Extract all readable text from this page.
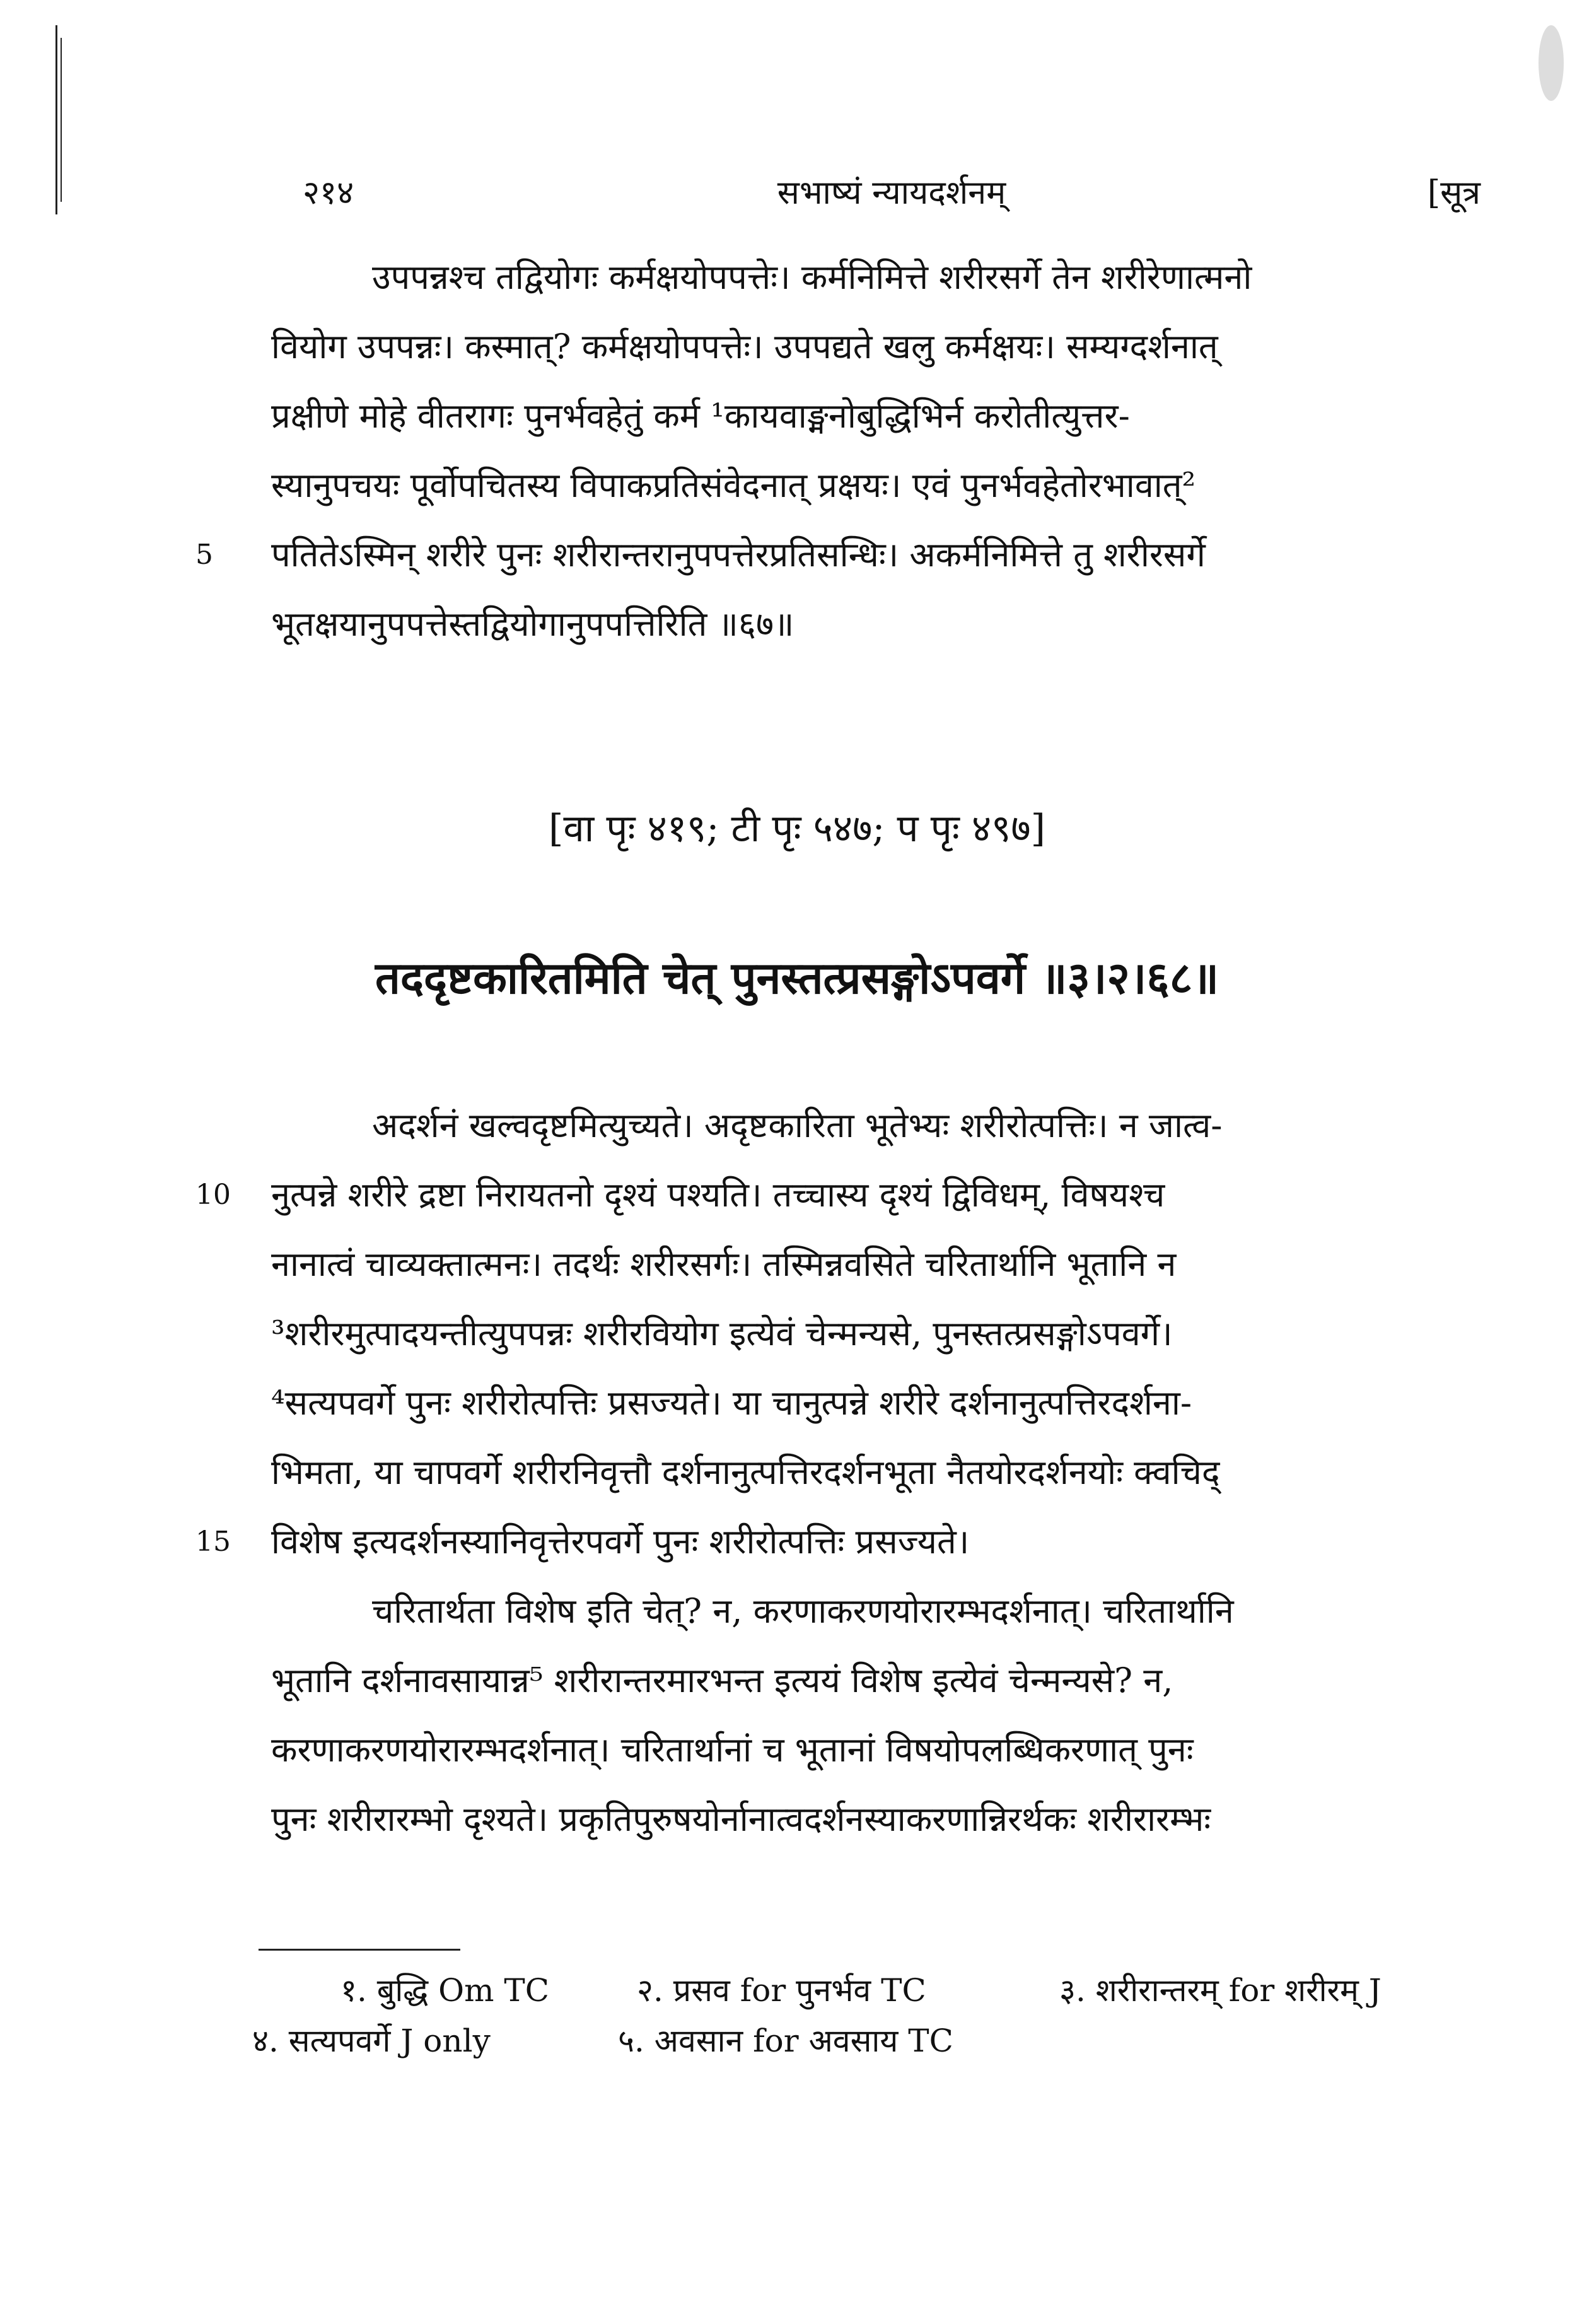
२१४	सभाष्यं न्यायदर्शनम्	[सूत्र
उपपन्नश्च तद्वियोगः कर्मक्षयोपपत्तेः। कर्मनिमित्ते शरीरसर्गे तेन शरीरेणात्मनो
वियोग उपपन्नः। कस्मात्? कर्मक्षयोपपत्तेः। उपपद्यते खलु कर्मक्षयः। सम्यग्दर्शनात्
प्रक्षीणे मोहे वीतरागः पुनर्भवहेतुं कर्म ¹कायवाङ्मनोबुद्धिभिर्न करोतीत्युत्तर-
स्यानुपचयः पूर्वोपचितस्य विपाकप्रतिसंवेदनात् प्रक्षयः। एवं पुनर्भवहेतोरभावात्²
5 पतितेऽस्मिन् शरीरे पुनः शरीरान्तरानुपपत्तेरप्रतिसन्धिः। अकर्मनिमित्ते तु शरीरसर्गे
भूतक्षयानुपपत्तेस्तद्वियोगानुपपत्तिरिति ॥६७॥
[वा पृः ४१९; टी पृः ५४७; प पृः ४९७]
तददृष्टकारितमिति चेत् पुनस्तत्प्रसङ्गोऽपवर्गे ॥३।२।६८॥
अदर्शनं खल्वदृष्टमित्युच्यते। अदृष्टकारिता भूतेभ्यः शरीरोत्पत्तिः। न जात्व-
10 नुत्पन्ने शरीरे द्रष्टा निरायतनो दृश्यं पश्यति। तच्चास्य दृश्यं द्विविधम्, विषयश्च
नानात्वं चाव्यक्तात्मनः। तदर्थः शरीरसर्गः। तस्मिन्नवसिते चरितार्थानि भूतानि न
³शरीरमुत्पादयन्तीत्युपपन्नः शरीरवियोग इत्येवं चेन्मन्यसे, पुनस्तत्प्रसङ्गोऽपवर्गे।
⁴सत्यपवर्गे पुनः शरीरोत्पत्तिः प्रसज्यते। या चानुत्पन्ने शरीरे दर्शनानुत्पत्तिरदर्शना-
भिमता, या चापवर्गे शरीरनिवृत्तौ दर्शनानुत्पत्तिरदर्शनभूता नैतयोरदर्शनयोः क्वचिद्
15 विशेष इत्यदर्शनस्यानिवृत्तेरपवर्गे पुनः शरीरोत्पत्तिः प्रसज्यते।
चरितार्थता विशेष इति चेत्? न, करणाकरणयोरारम्भदर्शनात्। चरितार्थानि
भूतानि दर्शनावसायान्न⁵ शरीरान्तरमारभन्त इत्ययं विशेष इत्येवं चेन्मन्यसे? न,
करणाकरणयोरारम्भदर्शनात्। चरितार्थानां च भूतानां विषयोपलब्धिकरणात् पुनः
पुनः शरीरारम्भो दृश्यते। प्रकृतिपुरुषयोर्नानात्वदर्शनस्याकरणान्निरर्थकः शरीरारम्भः
१. बुद्धि Om TC	२. प्रसव for पुनर्भव TC	३. शरीरान्तरम् for शरीरम् J
४. सत्यपवर्गे J only	५. अवसान for अवसाय TC
